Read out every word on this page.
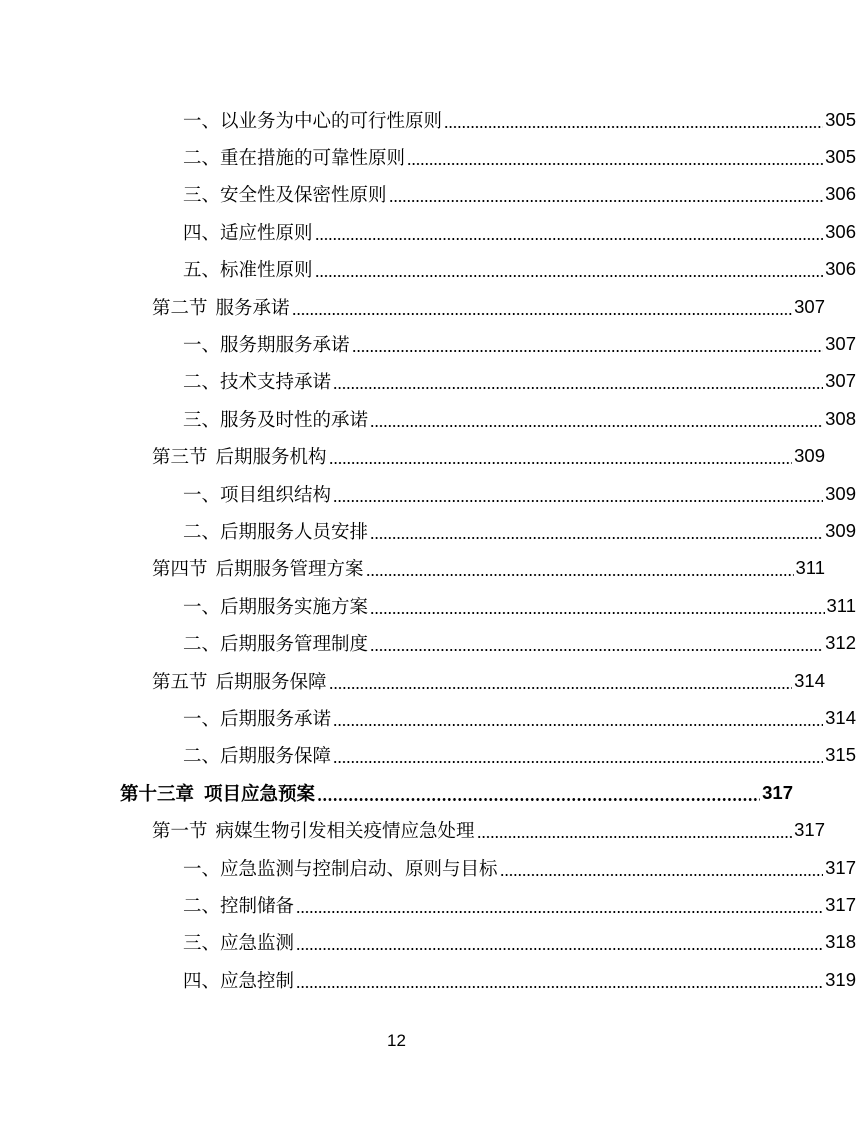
一、以业务为中心的可行性原则	305
二、重在措施的可靠性原则	305
三、安全性及保密性原则	306
四、适应性原则	306
五、标准性原则	306
第二节 服务承诺	307
一、服务期服务承诺	307
二、技术支持承诺	307
三、服务及时性的承诺	308
第三节 后期服务机构	309
一、项目组织结构	309
二、后期服务人员安排	309
第四节 后期服务管理方案	311
一、后期服务实施方案	311
二、后期服务管理制度	312
第五节 后期服务保障	314
一、后期服务承诺	314
二、后期服务保障	315
第十三章 项目应急预案	317
第一节 病媒生物引发相关疫情应急处理	317
一、应急监测与控制启动、原则与目标	317
二、控制储备	317
三、应急监测	318
四、应急控制	319
12
